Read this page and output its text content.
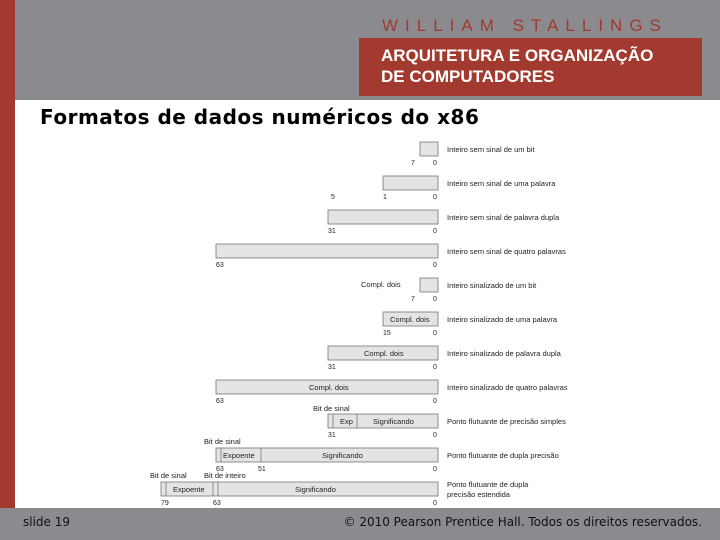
WILLIAM STALLINGS
ARQUITETURA E ORGANIZAÇÃO
DE COMPUTADORES
Formatos de dados numéricos do x86
Inteiro sem sinal de um bit
Inteiro sem sinal de uma palavra
Inteiro sem sinal de palavra dupla
Inteiro sem sinal de quatro palavras
Inteiro sinalizado de um bit
Inteiro sinalizado de uma palavra
Inteiro sinalizado de palavra dupla
Inteiro sinalizado de quatro palavras
Ponto flutuante de precisão simples
Ponto flutuante de dupla precisão
Ponto flutuante de dupla
precisão estendida
Compl. dois
Compl. dois
Compl. dois
Compl. dois
Bit de sinal
Exp	Significando
Bit de sinal
Expoente	Significando
Bit de sinal Bit de inteiro
Expoente	Significando
7	0
5	1	0
31	0
63	0
7	0
15	0
31	0
63	0
31	0
63	51	0
79	63	0
slide 19	© 2010 Pearson Prentice Hall. Todos os direitos reservados.
